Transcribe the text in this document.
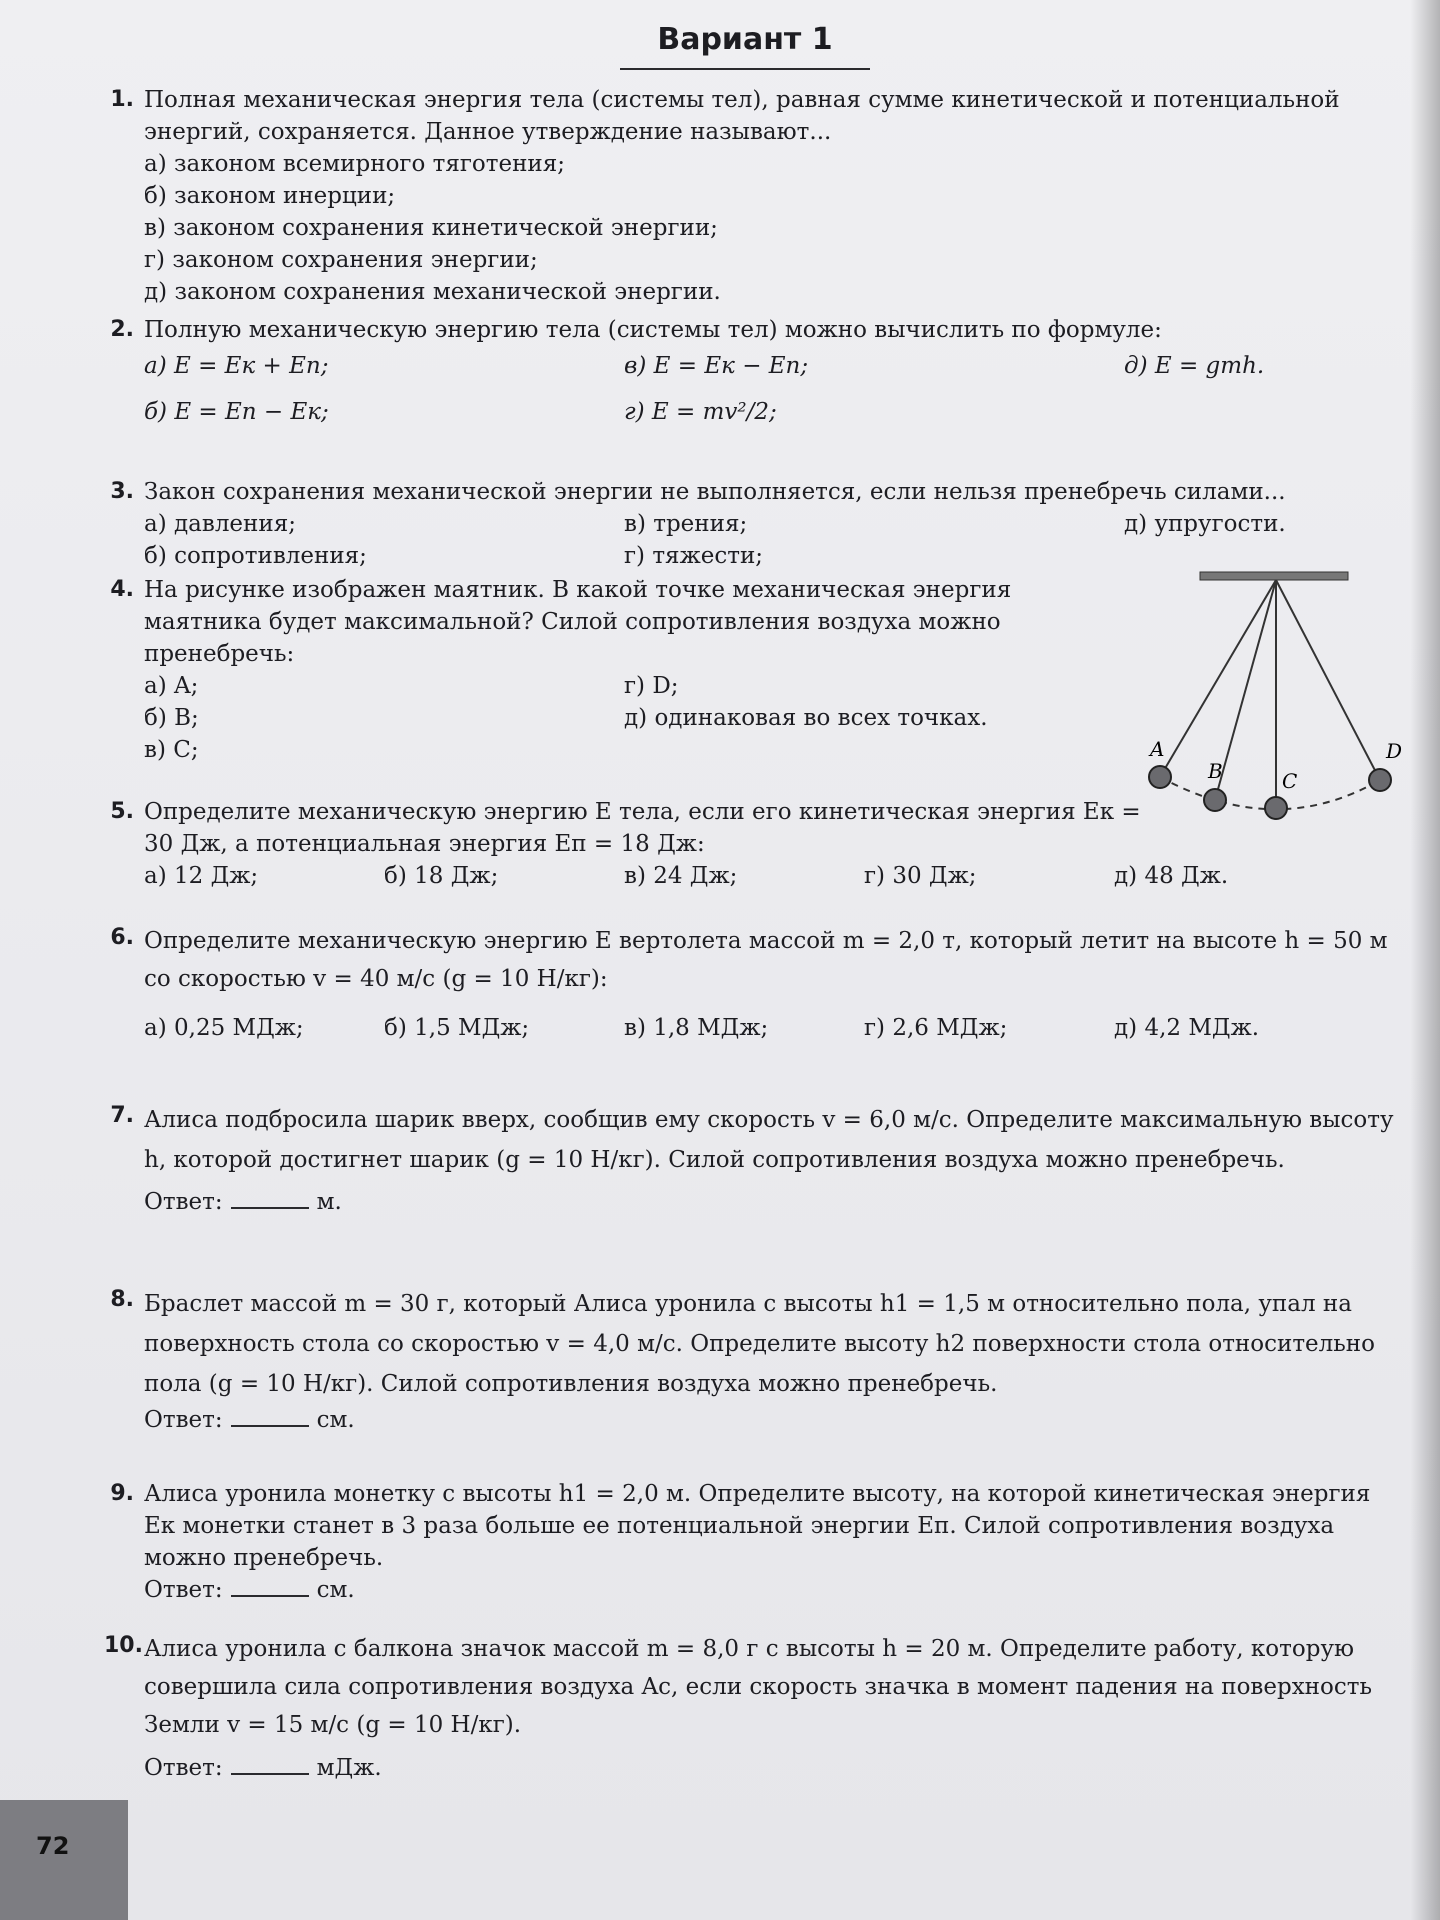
Вариант 1
1. Полная механическая энергия тела (системы тел), равная сумме кинетической и потенциальной энергий, сохраняется. Данное утверждение называют...
а) законом всемирного тяготения;
б) законом инерции;
в) законом сохранения кинетической энергии;
г) законом сохранения энергии;
д) законом сохранения механической энергии.
2. Полную механическую энергию тела (системы тел) можно вычислить по формуле:
а) E = Eк + Eп;	в) E = Eк − Eп;	д) E = gmh.
б) E = Eп − Eк;	г) E = mv²/2;
3. Закон сохранения механической энергии не выполняется, если нельзя пренебречь силами...
а) давления;	в) трения;	д) упругости.
б) сопротивления;	г) тяжести;
4. На рисунке изображен маятник. В какой точке механическая энергия маятника будет максимальной? Силой сопротивления воздуха можно пренебречь:
а) A;	г) D;
б) B;	д) одинаковая во всех точках.
в) C;	A
B	C
D
5. Определите механическую энергию E тела, если его кинетическая энергия Eк = 30 Дж, а потенциальная энергия Eп = 18 Дж:
а) 12 Дж;	б) 18 Дж;	в) 24 Дж;	г) 30 Дж;	д) 48 Дж.
6. Определите механическую энергию E вертолета массой m = 2,0 т, который летит на высоте h = 50 м со скоростью v = 40 м/с (g = 10 Н/кг):
а) 0,25 МДж;	б) 1,5 МДж;	в) 1,8 МДж;	г) 2,6 МДж;	д) 4,2 МДж.
7. Алиса подбросила шарик вверх, сообщив ему скорость v = 6,0 м/с. Определите максимальную высоту h, которой достигнет шарик (g = 10 Н/кг). Силой сопротивления воздуха можно пренебречь.
Ответ:	м.
8. Браслет массой m = 30 г, который Алиса уронила с высоты h1 = 1,5 м относительно пола, упал на поверхность стола со скоростью v = 4,0 м/с. Определите высоту h2 поверхности стола относительно пола (g = 10 Н/кг). Силой сопротивления воздуха можно пренебречь.
Ответ:	см.
9. Алиса уронила монетку с высоты h1 = 2,0 м. Определите высоту, на которой кинетическая энергия Eк монетки станет в 3 раза больше ее потенциальной энергии Eп. Силой сопротивления воздуха можно пренебречь.
Ответ:	см.
10. Алиса уронила с балкона значок массой m = 8,0 г с высоты h = 20 м. Определите работу, которую совершила сила сопротивления воздуха Aс, если скорость значка в момент падения на поверхность Земли v = 15 м/с (g = 10 Н/кг).
Ответ:	мДж.
72
